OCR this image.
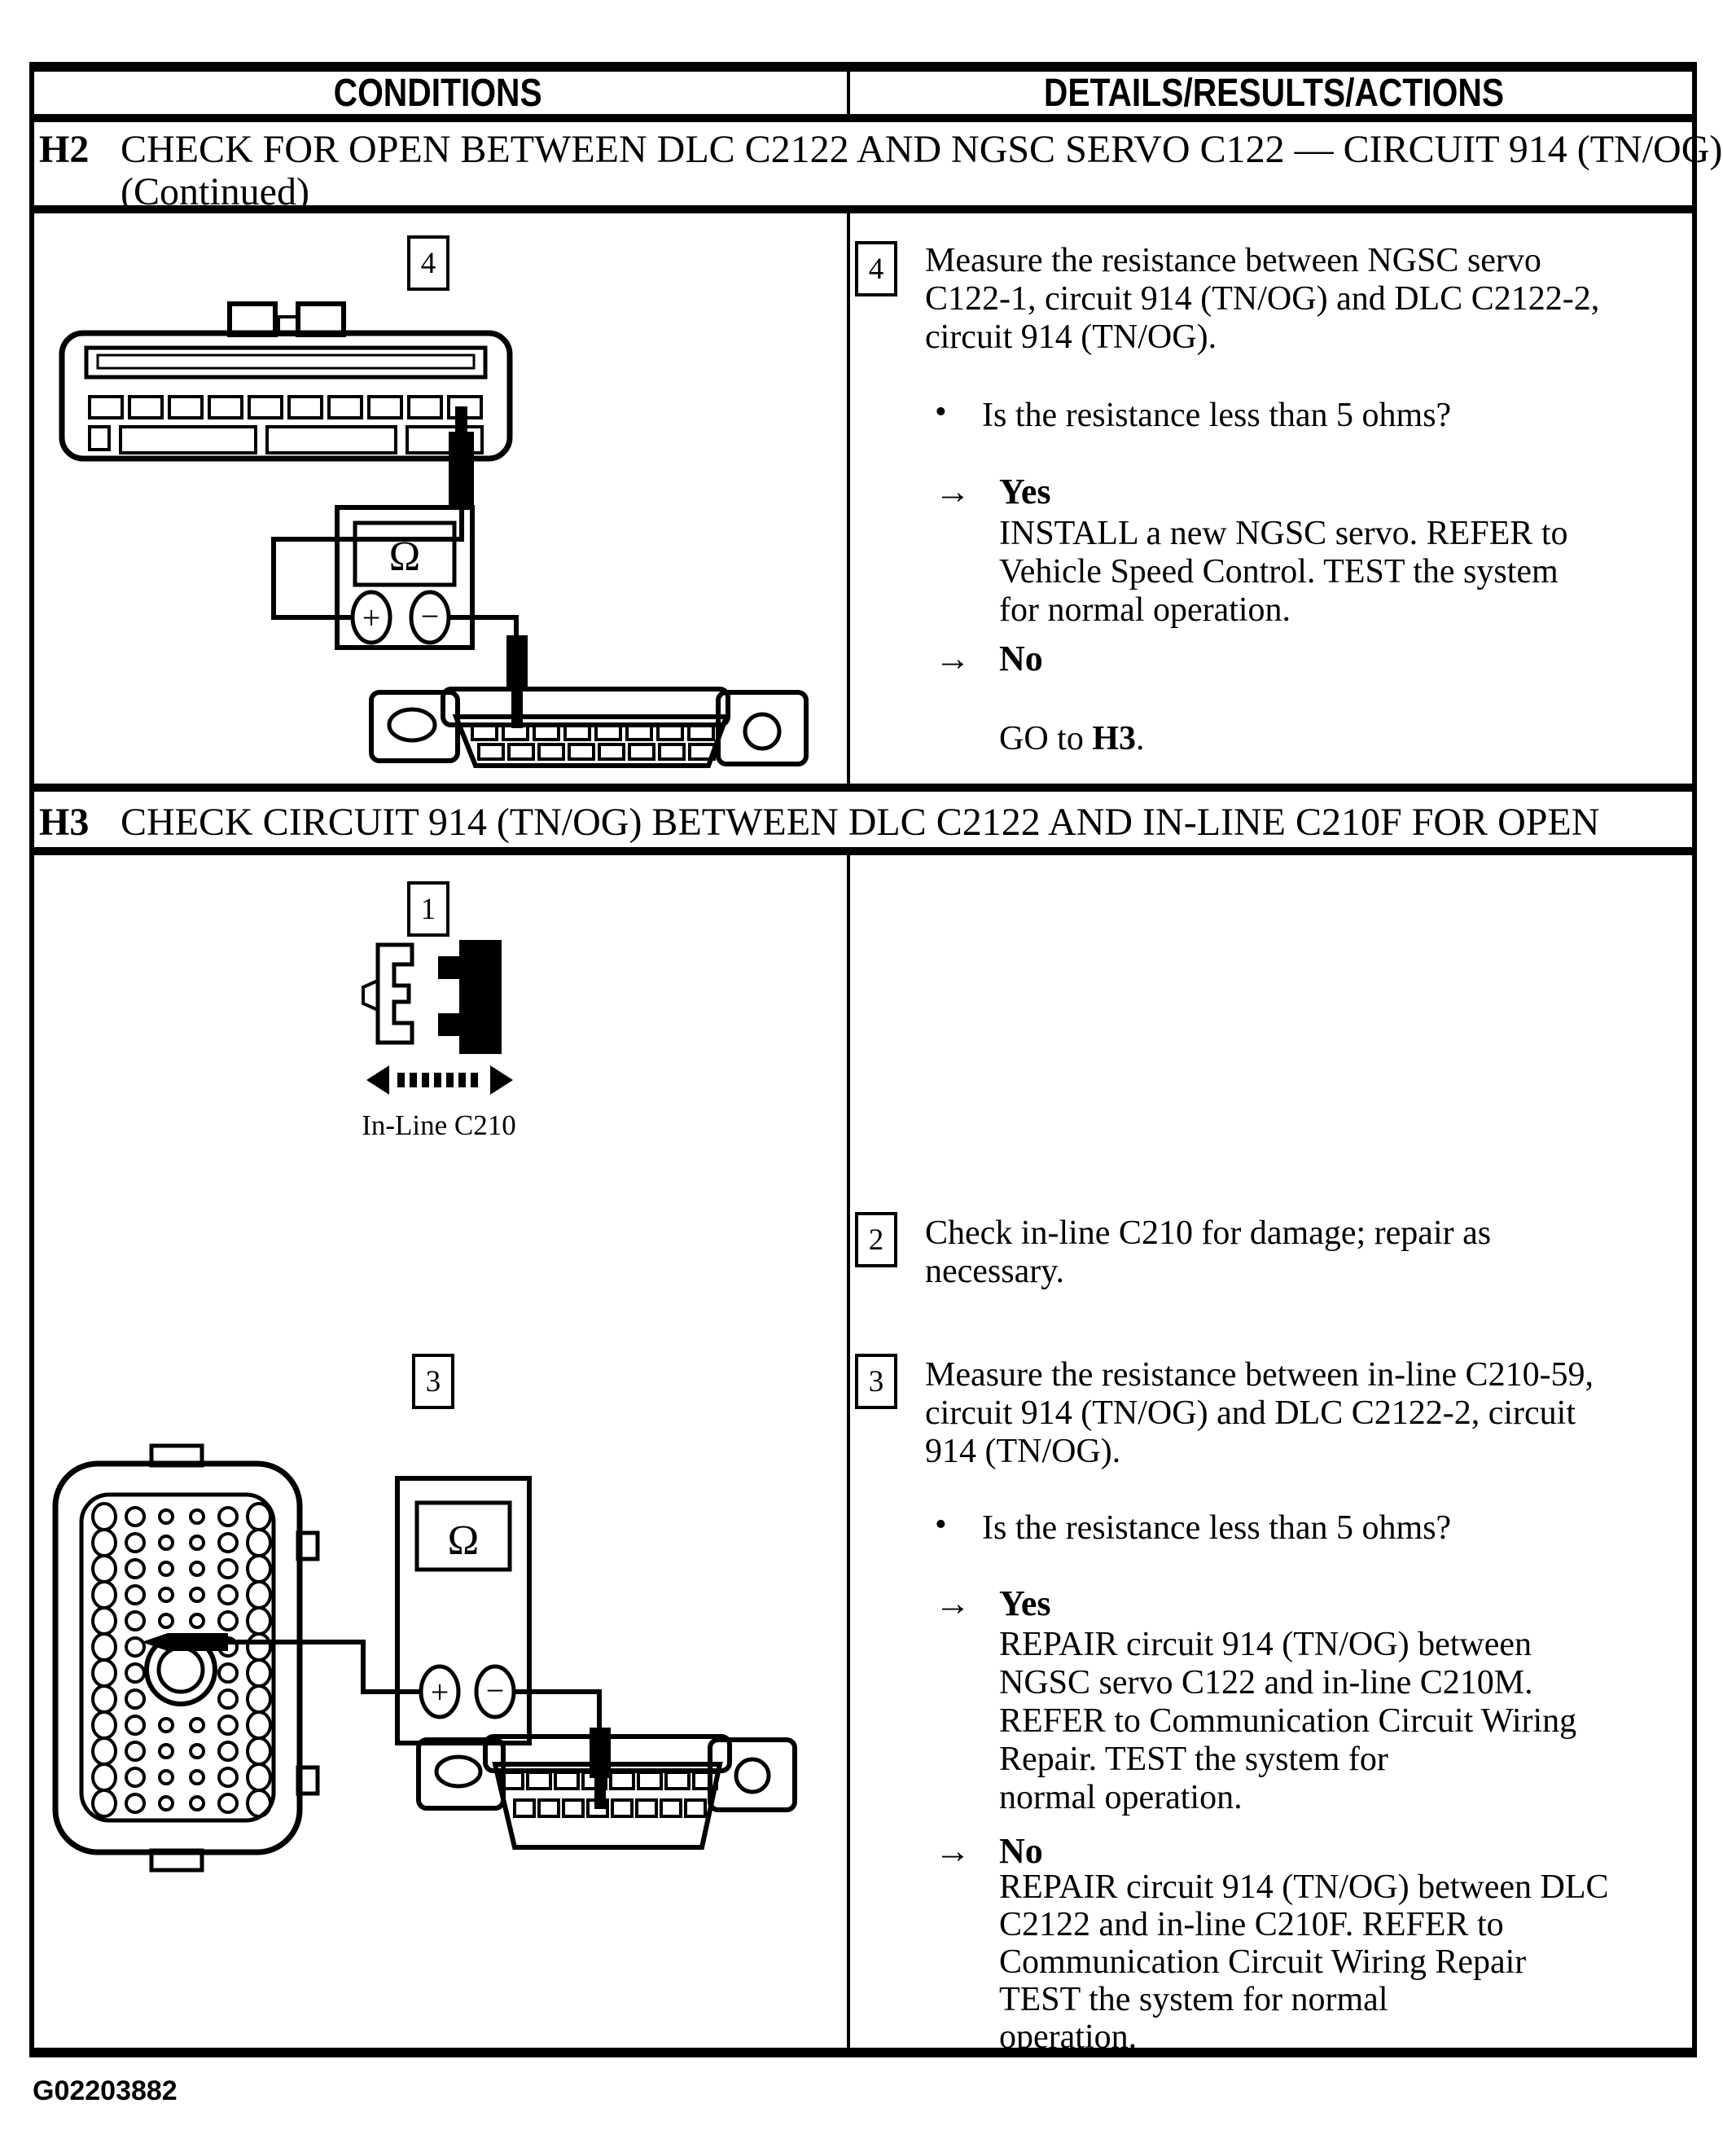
CONDITIONS	DETAILS/RESULTS/ACTIONS
H2 CHECK FOR OPEN BETWEEN DLC C2122 AND NGSC SERVO C122 — CIRCUIT 914 (TN/OG)
(Continued)
4
Ω
+ −
4 Measure the resistance between NGSC servo
C122-1, circuit 914 (TN/OG) and DLC C2122-2,
circuit 914 (TN/OG).
• Is the resistance less than 5 ohms?
→ Yes
INSTALL a new NGSC servo. REFER to
Vehicle Speed Control. TEST the system
for normal operation.
→ No

GO to H3.

H3 CHECK CIRCUIT 914 (TN/OG) BETWEEN DLC C2122 AND IN-LINE C210F FOR OPEN
1
In-Line C210
3
Ω
+ −
2 Check in-line C210 for damage; repair as
necessary.
3 Measure the resistance between in-line C210-59,
circuit 914 (TN/OG) and DLC C2122-2, circuit
914 (TN/OG).
• Is the resistance less than 5 ohms?
→ Yes
REPAIR circuit 914 (TN/OG) between
NGSC servo C122 and in-line C210M.
REFER to Communication Circuit Wiring
Repair. TEST the system for
normal operation.
→ No
REPAIR circuit 914 (TN/OG) between DLC
C2122 and in-line C210F. REFER to
Communication Circuit Wiring Repair
TEST the system for normal
operation.
G02203882
